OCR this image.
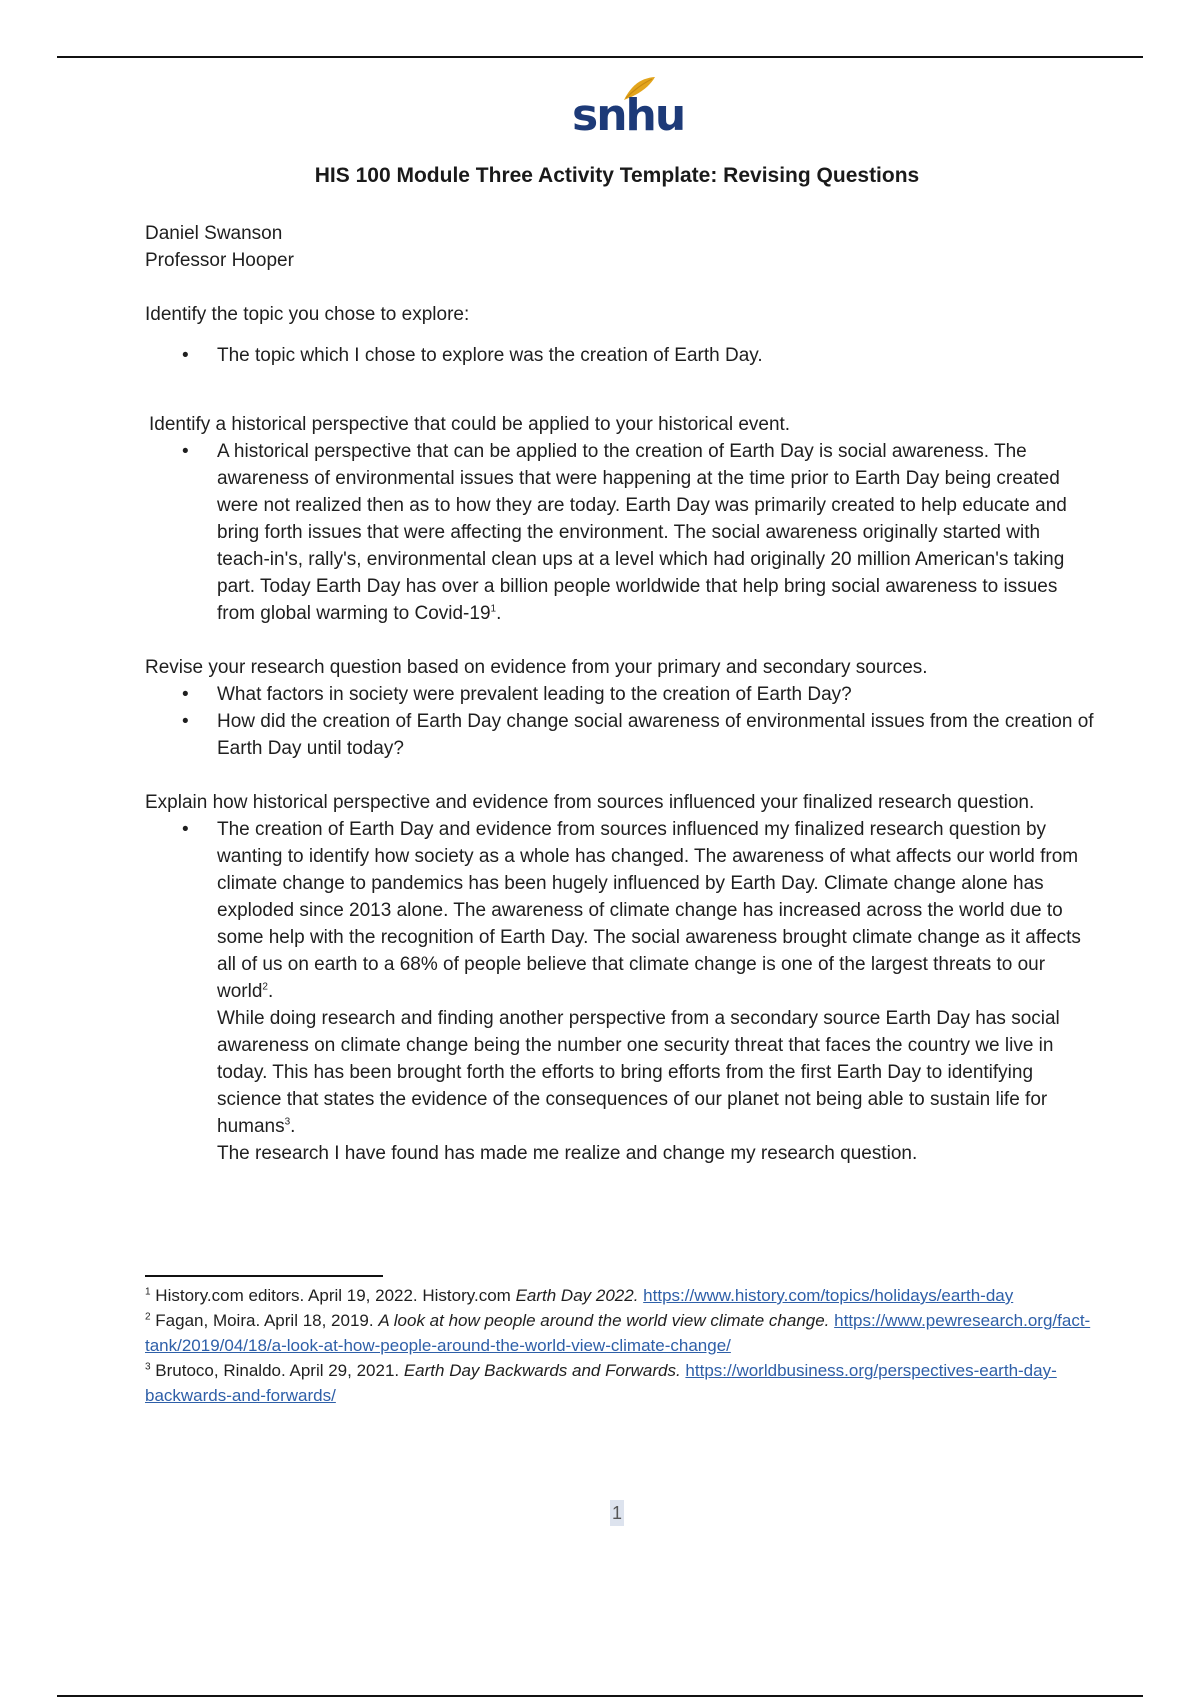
snhu
HIS 100 Module Three Activity Template: Revising Questions

Daniel Swanson

Professor Hooper

Identify the topic you chose to explore:

• The topic which I chose to explore was the creation of Earth Day.

Identify a historical perspective that could be applied to your historical event.

• A historical perspective that can be applied to the creation of Earth Day is social awareness. The awareness of environmental issues that were happening at the time prior to Earth Day being created were not realized then as to how they are today. Earth Day was primarily created to help educate and bring forth issues that were affecting the environment. The social awareness originally started with teach-in's, rally's, environmental clean ups at a level which had originally 20 million American's taking part. Today Earth Day has over a billion people worldwide that help bring social awareness to issues from global warming to Covid-$19^1$.

Revise your research question based on evidence from your primary and secondary sources.

• What factors in society were prevalent leading to the creation of Earth Day?
• How did the creation of Earth Day change social awareness of environmental issues from the creation of Earth Day until today?

Explain how historical perspective and evidence from sources influenced your finalized research question.

• The creation of Earth Day and evidence from sources influenced my finalized research question by wanting to identify how society as a whole has changed. The awareness of what affects our world from climate change to pandemics has been hugely influenced by Earth Day. Climate change alone has exploded since 2013 alone. The awareness of climate change has increased across the world due to some help with the recognition of Earth Day. The social awareness brought climate change as it affects all of us on earth to a 68% of people believe that climate change is one of the largest threats to our world$^2$.
While doing research and finding another perspective from a secondary source Earth Day has social awareness on climate change being the number one security threat that faces the country we live in today. This has been brought forth the efforts to bring efforts from the first Earth Day to identifying science that states the evidence of the consequences of our planet not being able to sustain life for humans$^3$.
The research I have found has made me realize and change my research question.

$^1$ History.com editors. April 19, 2022. History.com Earth Day 2022. https://www.history.com/topics/holidays/earth-day

$^2$ Fagan, Moira. April 18, 2019. A look at how people around the world view climate change. https://www.pewresearch.org/fact-tank/2019/04/18/a-look-at-how-people-around-the-world-view-climate-change/

$^3$ Brutoco, Rinaldo. April 29, 2021. Earth Day Backwards and Forwards. https://worldbusiness.org/perspectives-earth-day-backwards-and-forwards/

1
